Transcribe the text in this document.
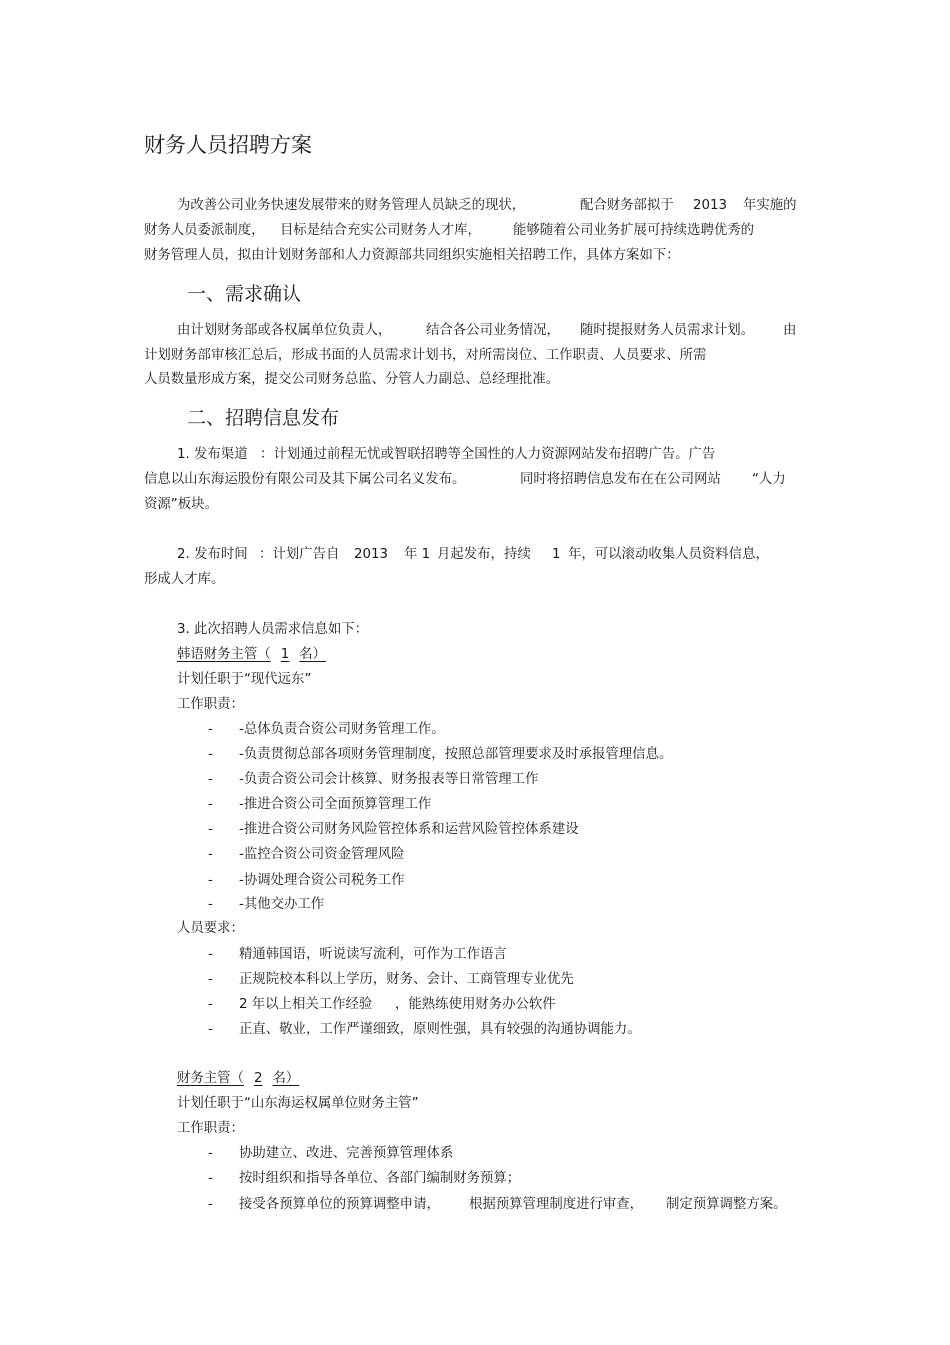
财务人员招聘方案
为改善公司业务快速发展带来的财务管理人员缺乏的现状，	配合财务部拟于 2013 年实施的
财务人员委派制度， 目标是结合充实公司财务人才库， 能够随着公司业务扩展可持续选聘优秀的
财务管理人员，拟由计划财务部和人力资源部共同组织实施相关招聘工作，具体方案如下：
一、需求确认
由计划财务部或各权属单位负责人，	结合各公司业务情况， 随时提报财务人员需求计划。 由
计划财务部审核汇总后，形成书面的人员需求计划书，对所需岗位、工作职责、人员要求、所需
人员数量形成方案，提交公司财务总监、分管人力副总、总经理批准。
二、招聘信息发布
1. 发布渠道 ：计划通过前程无忧或智联招聘等全国性的人力资源网站发布招聘广告。广告
信息以山东海运股份有限公司及其下属公司名义发布。	同时将招聘信息发布在在公司网站 “人力
资源”板块。
2. 发布时间 ：计划广告自 2013 年 1 月起发布，持续 1 年，可以滚动收集人员资料信息，
形成人才库。
3. 此次招聘人员需求信息如下：
韩语财务主管（ 1 名）
计划任职于“现代远东”
工作职责：
- -总体负责合资公司财务管理工作。
- -负责贯彻总部各项财务管理制度，按照总部管理要求及时承报管理信息。
- -负责合资公司会计核算、财务报表等日常管理工作
- -推进合资公司全面预算管理工作
- -推进合资公司财务风险管控体系和运营风险管控体系建设
- -监控合资公司资金管理风险
- -协调处理合资公司税务工作
- -其他交办工作
人员要求：
- 精通韩国语，听说读写流利，可作为工作语言
- 正规院校本科以上学历，财务、会计、工商管理专业优先
- 2 年以上相关工作经验 ，能熟练使用财务办公软件
- 正直、敬业，工作严谨细致，原则性强，具有较强的沟通协调能力。
财务主管（ 2 名）
计划任职于“山东海运权属单位财务主管”
工作职责：
- 协助建立、改进、完善预算管理体系
- 按时组织和指导各单位、各部门编制财务预算；
- 接受各预算单位的预算调整申请， 根据预算管理制度进行审查， 制定预算调整方案。
